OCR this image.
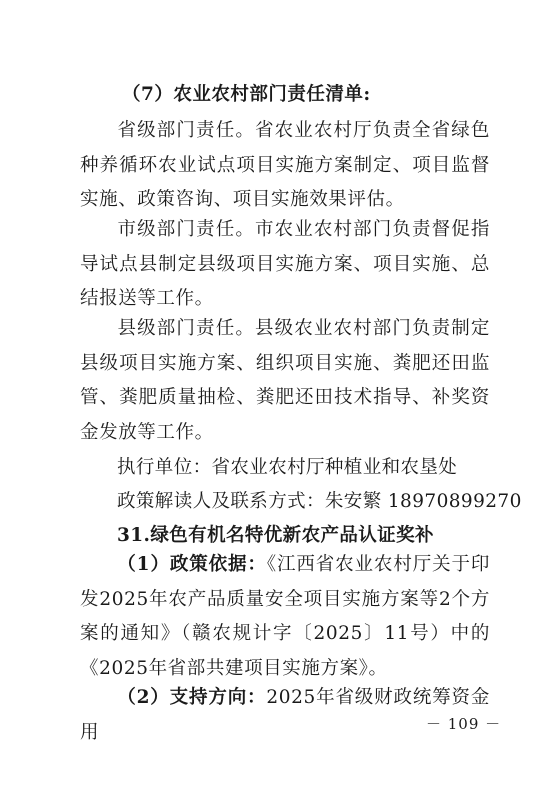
（7）农业农村部门责任清单:
省级部门责任。省农业农村厅负责全省绿色种养循环农业试点项目实施方案制定、项目监督实施、政策咨询、项目实施效果评估。
市级部门责任。市农业农村部门负责督促指导试点县制定县级项目实施方案、项目实施、总结报送等工作。
县级部门责任。县级农业农村部门负责制定县级项目实施方案、组织项目实施、粪肥还田监管、粪肥质量抽检、粪肥还田技术指导、补奖资金发放等工作。
执行单位：省农业农村厅种植业和农垦处
政策解读人及联系方式：朱安繁 18970899270
31.绿色有机名特优新农产品认证奖补
（1）政策依据：《江西省农业农村厅关于印发2025年农产品质量安全项目实施方案等2个方案的通知》（赣农规计字〔2025〕11号）中的《2025年省部共建项目实施方案》。
（2）支持方向：2025年省级财政统筹资金用	－ 109 －
